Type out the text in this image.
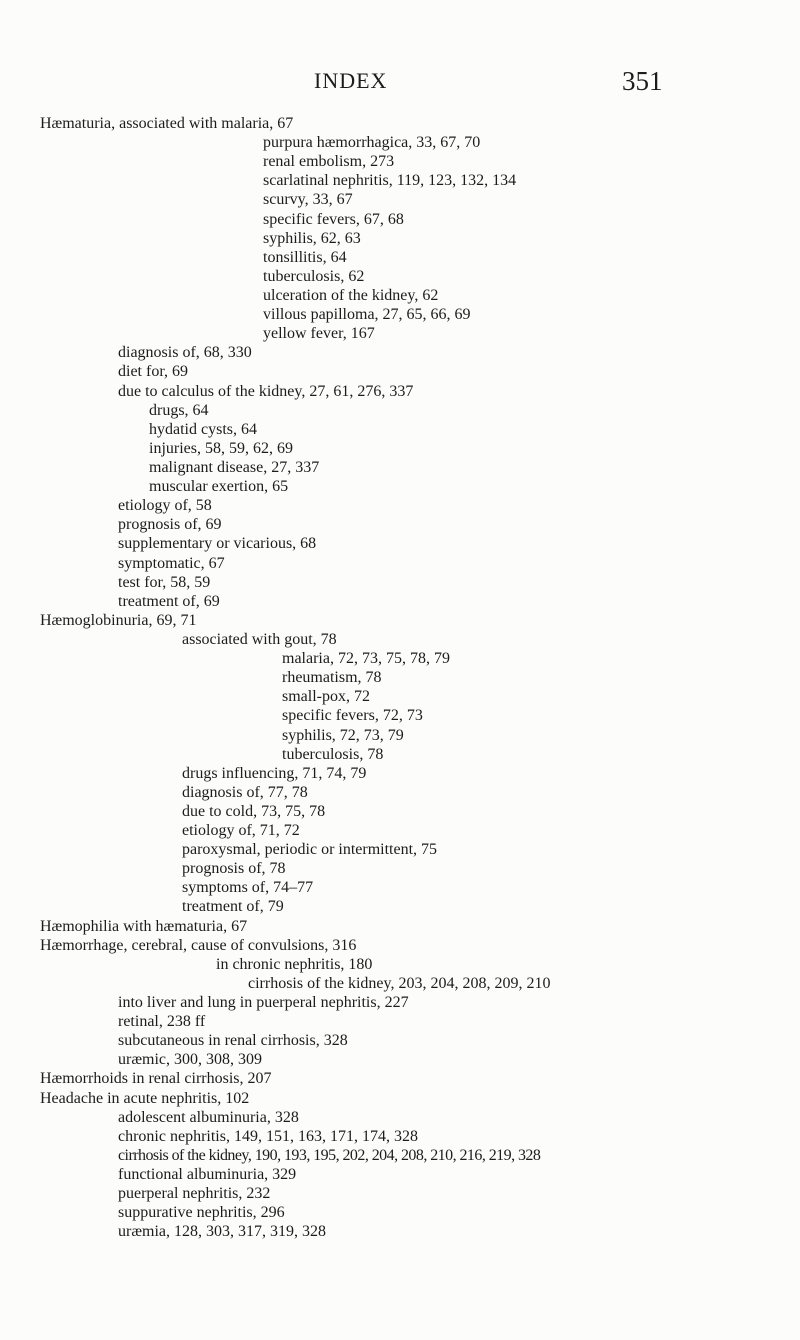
INDEX	351
Hæmaturia, associated with malaria, 67
purpura hæmorrhagica, 33, 67, 70
renal embolism, 273
scarlatinal nephritis, 119, 123, 132, 134
scurvy, 33, 67
specific fevers, 67, 68
syphilis, 62, 63
tonsillitis, 64
tuberculosis, 62
ulceration of the kidney, 62
villous papilloma, 27, 65, 66, 69
yellow fever, 167
diagnosis of, 68, 330
diet for, 69
due to calculus of the kidney, 27, 61, 276, 337
drugs, 64
hydatid cysts, 64
injuries, 58, 59, 62, 69
malignant disease, 27, 337
muscular exertion, 65
etiology of, 58
prognosis of, 69
supplementary or vicarious, 68
symptomatic, 67
test for, 58, 59
treatment of, 69
Hæmoglobinuria, 69, 71
associated with gout, 78
malaria, 72, 73, 75, 78, 79
rheumatism, 78
small-pox, 72
specific fevers, 72, 73
syphilis, 72, 73, 79
tuberculosis, 78
drugs influencing, 71, 74, 79
diagnosis of, 77, 78
due to cold, 73, 75, 78
etiology of, 71, 72
paroxysmal, periodic or intermittent, 75
prognosis of, 78
symptoms of, 74–77
treatment of, 79
Hæmophilia with hæmaturia, 67
Hæmorrhage, cerebral, cause of convulsions, 316
in chronic nephritis, 180
cirrhosis of the kidney, 203, 204, 208, 209, 210
into liver and lung in puerperal nephritis, 227
retinal, 238 ff
subcutaneous in renal cirrhosis, 328
uræmic, 300, 308, 309
Hæmorrhoids in renal cirrhosis, 207
Headache in acute nephritis, 102
adolescent albuminuria, 328
chronic nephritis, 149, 151, 163, 171, 174, 328
cirrhosis of the kidney, 190, 193, 195, 202, 204, 208, 210, 216, 219, 328
functional albuminuria, 329
puerperal nephritis, 232
suppurative nephritis, 296
uræmia, 128, 303, 317, 319, 328
